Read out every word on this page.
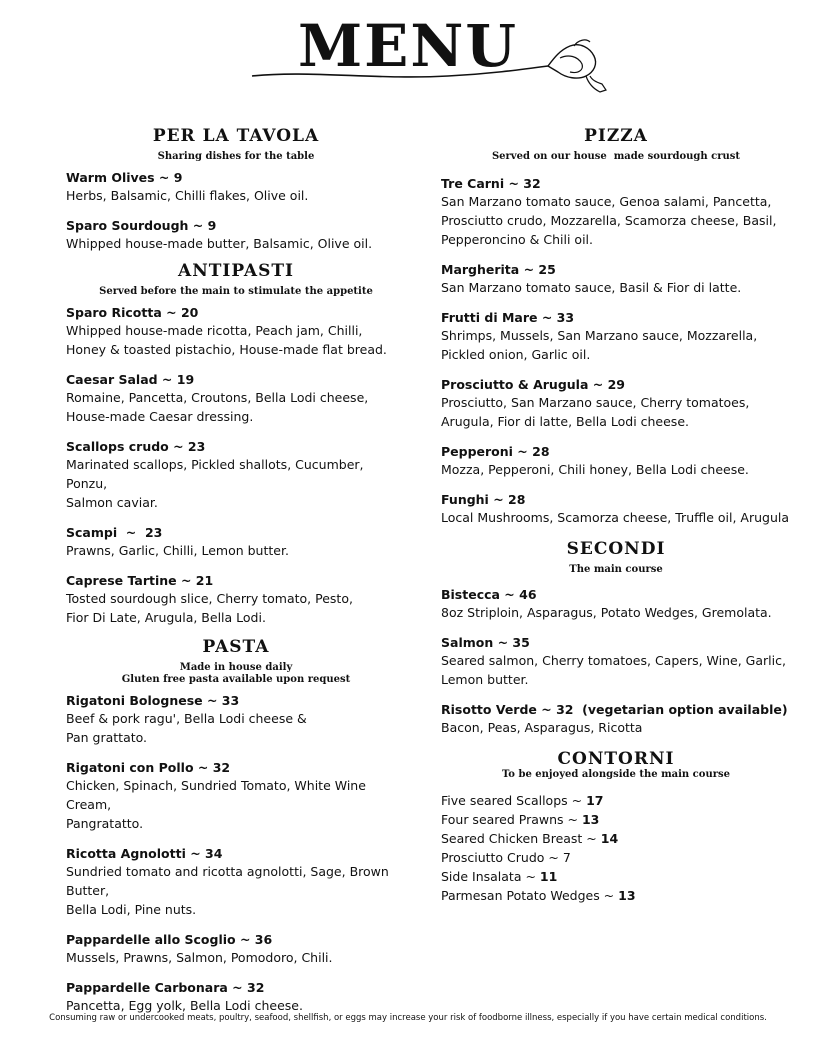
MENU
PER LA TAVOLA
Sharing dishes for the table
Warm Olives ~ 9
Herbs, Balsamic, Chilli flakes, Olive oil.
Sparo Sourdough ~ 9
Whipped house-made butter, Balsamic, Olive oil.
ANTIPASTI
Served before the main to stimulate the appetite
Sparo Ricotta ~ 20
Whipped house-made ricotta, Peach jam, Chilli,
Honey & toasted pistachio, House-made flat bread.
Caesar Salad ~ 19
Romaine, Pancetta, Croutons, Bella Lodi cheese,
House-made Caesar dressing.
Scallops crudo ~ 23
Marinated scallops, Pickled shallots, Cucumber, Ponzu,
Salmon caviar.
Scampi  ~  23
Prawns, Garlic, Chilli, Lemon butter.
Caprese Tartine ~ 21
Tosted sourdough slice, Cherry tomato, Pesto,
Fior Di Late, Arugula, Bella Lodi.
PASTA
Made in house daily
Gluten free pasta available upon request
Rigatoni Bolognese ~ 33
Beef & pork ragu', Bella Lodi cheese &
Pan grattato.
Rigatoni con Pollo ~ 32
Chicken, Spinach, Sundried Tomato, White Wine Cream,
Pangratatto.
Ricotta Agnolotti ~ 34
Sundried tomato and ricotta agnolotti, Sage, Brown Butter,
Bella Lodi, Pine nuts.
Pappardelle allo Scoglio ~ 36
Mussels, Prawns, Salmon, Pomodoro, Chili.
Pappardelle Carbonara ~ 32
Pancetta, Egg yolk, Bella Lodi cheese.
PIZZA
Served on our house  made sourdough crust
Tre Carni ~ 32
San Marzano tomato sauce, Genoa salami, Pancetta,
Prosciutto crudo, Mozzarella, Scamorza cheese, Basil,
Pepperoncino & Chili oil.
Margherita ~ 25
San Marzano tomato sauce, Basil & Fior di latte.
Frutti di Mare ~ 33
Shrimps, Mussels, San Marzano sauce, Mozzarella,
Pickled onion, Garlic oil.
Prosciutto & Arugula ~ 29
Prosciutto, San Marzano sauce, Cherry tomatoes,
Arugula, Fior di latte, Bella Lodi cheese.
Pepperoni ~ 28
Mozza, Pepperoni, Chili honey, Bella Lodi cheese.
Funghi ~ 28
Local Mushrooms, Scamorza cheese, Truffle oil, Arugula
SECONDI
The main course
Bistecca ~ 46
8oz Striploin, Asparagus, Potato Wedges, Gremolata.
Salmon ~ 35
Seared salmon, Cherry tomatoes, Capers, Wine, Garlic,
Lemon butter.
Risotto Verde ~ 32  (vegetarian option available)
Bacon, Peas, Asparagus, Ricotta
CONTORNI
To be enjoyed alongside the main course
Five seared Scallops ~ 17
Four seared Prawns ~ 13
Seared Chicken Breast ~ 14
Prosciutto Crudo ~ 7
Side Insalata ~ 11
Parmesan Potato Wedges ~ 13
Consuming raw or undercooked meats, poultry, seafood, shellfish, or eggs may increase your risk of foodborne illness, especially if you have certain medical conditions.
